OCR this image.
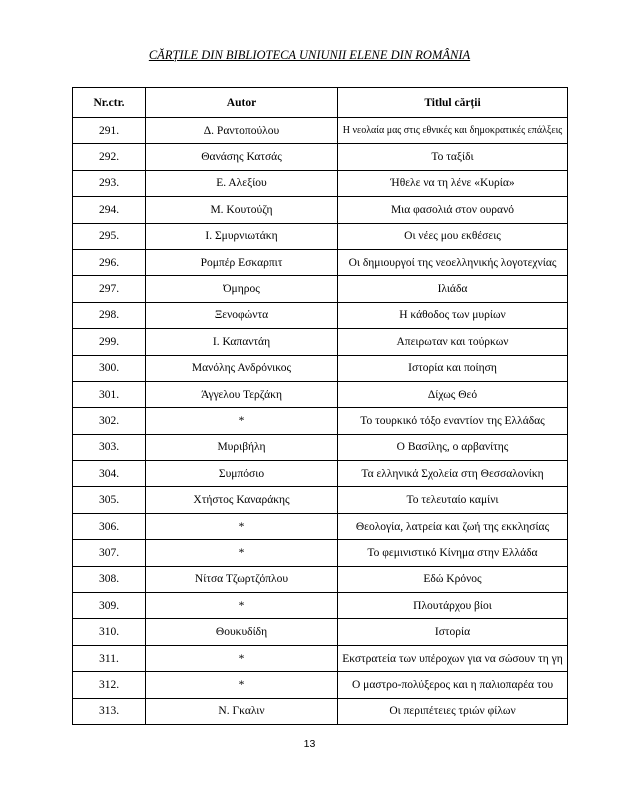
CĂRȚILE DIN BIBLIOTECA UNIUNII ELENE DIN ROMÂNIA
Nr.ctr.	Autor	Titlul cărții
291.	Δ. Ραντοπούλου	Η νεολαία μας στις εθνικές και δημοκρατικές επάλξεις
292.	Θανάσης Κατσάς	Το ταξίδι
293.	Ε. Αλεξίου	Ήθελε να τη λένε «Κυρία»
294.	Μ. Κουτούζη	Μια φασολιά στον ουρανό
295.	Ι. Σμυρνιωτάκη	Οι νέες μου εκθέσεις
296.	Ρομπέρ Εσκαρπιτ	Οι δημιουργοί της νεοελληνικής λογοτεχνίας
297.	Όμηρος	Ιλιάδα
298.	Ξενοφώντα	Η κάθοδος των μυρίων
299.	Ι. Καπαντάη	Απειρωταν και τούρκων
300.	Μανόλης Ανδρόνικος	Ιστορία και ποίηση
301.	Άγγελου Τερζάκη	Δίχως Θεό
302.	*	Το τουρκικό τόξο εναντίον της Ελλάδας
303.	Μυριβήλη	Ο Βασίλης, ο αρβανίτης
304.	Συμπόσιο	Τα ελληνικά Σχολεία στη Θεσσαλονίκη
305.	Χτήστος Καναράκης	Το τελευταίο καμίνι
306.	*	Θεολογία, λατρεία και ζωή της εκκλησίας
307.	*	Το φεμινιστικό Κίνημα στην Ελλάδα
308.	Νίτσα Τζωρτζόπλου	Εδώ Κρόνος
309.	*	Πλουτάρχου βίοι
310.	Θουκυδίδη	Ιστορία
311.	*	Εκστρατεία των υπέροχων για να σώσουν τη γη
312.	*	Ο μαστρο-πολύξερος και η παλιοπαρέα του
313.	Ν. Γκαλιν	Οι περιπέτειες τριών φίλων
13
